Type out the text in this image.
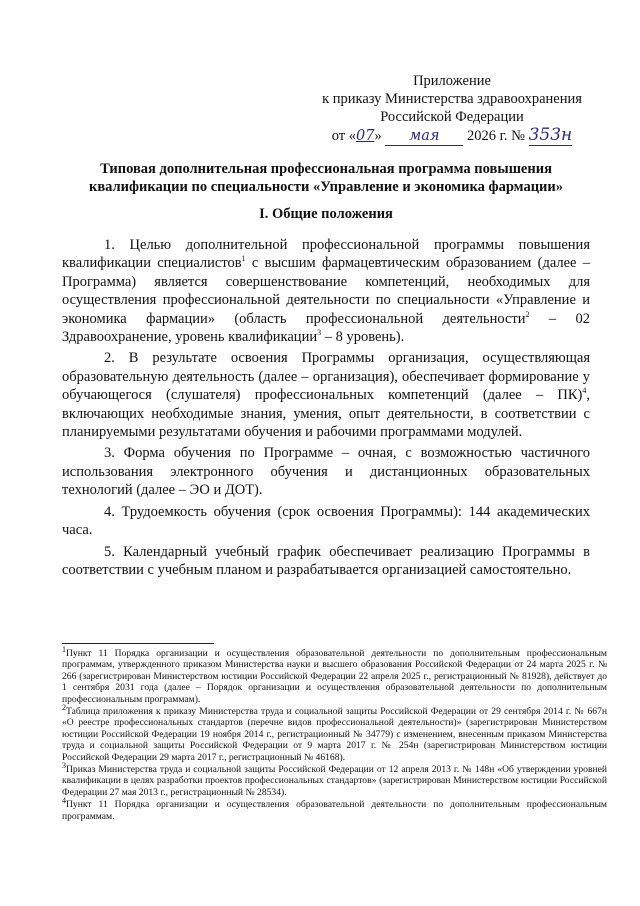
Приложение
к приказу Министерства здравоохранения
Российской Федерации
от «07» мая 2026 г. № 353н
Типовая дополнительная профессиональная программа повышения
квалификации по специальности «Управление и экономика фармации»
I. Общие положения

1. Целью дополнительной профессиональной программы повышения квалификации специалистов$^1$ с высшим фармацевтическим образованием (далее – Программа) является совершенствование компетенций, необходимых для осуществления профессиональной деятельности по специальности «Управление и экономика фармации» (область профессиональной деятельности$^2$ – 02 Здравоохранение, уровень квалификации$^3$ – 8 уровень).

2. В результате освоения Программы организация, осуществляющая образовательную деятельность (далее – организация), обеспечивает формирование у обучающегося (слушателя) профессиональных компетенций (далее – ПК)$^4$, включающих необходимые знания, умения, опыт деятельности, в соответствии с планируемыми результатами обучения и рабочими программами модулей.

3. Форма обучения по Программе – очная, с возможностью частичного использования электронного обучения и дистанционных образовательных технологий (далее – ЭО и ДОТ).

4. Трудоемкость обучения (срок освоения Программы): 144 академических часа.

5. Календарный учебный график обеспечивает реализацию Программы в соответствии с учебным планом и разрабатывается организацией самостоятельно.

$^1$Пункт 11 Порядка организации и осуществления образовательной деятельности по дополнительным профессиональным программам, утвержденного приказом Министерства науки и высшего образования Российской Федерации от 24 марта 2025 г. № 266 (зарегистрирован Министерством юстиции Российской Федерации 22 апреля 2025 г., регистрационный № 81928), действует до 1 сентября 2031 года (далее – Порядок организации и осуществления образовательной деятельности по дополнительным профессиональным программам).

$^2$Таблица приложения к приказу Министерства труда и социальной защиты Российской Федерации от 29 сентября 2014 г. № 667н «О реестре профессиональных стандартов (перечне видов профессиональной деятельности)» (зарегистрирован Министерством юстиции Российской Федерации 19 ноября 2014 г., регистрационный № 34779) с изменением, внесенным приказом Министерства труда и социальной защиты Российской Федерации от 9 марта 2017 г. № 254н (зарегистрирован Министерством юстиции Российской Федерации 29 марта 2017 г., регистрационный № 46168).

$^3$Приказ Министерства труда и социальной защиты Российской Федерации от 12 апреля 2013 г. № 148н «Об утверждении уровней квалификации в целях разработки проектов профессиональных стандартов» (зарегистрирован Министерством юстиции Российской Федерации 27 мая 2013 г., регистрационный № 28534).

$^4$Пункт 11 Порядка организации и осуществления образовательной деятельности по дополнительным профессиональным программам.
